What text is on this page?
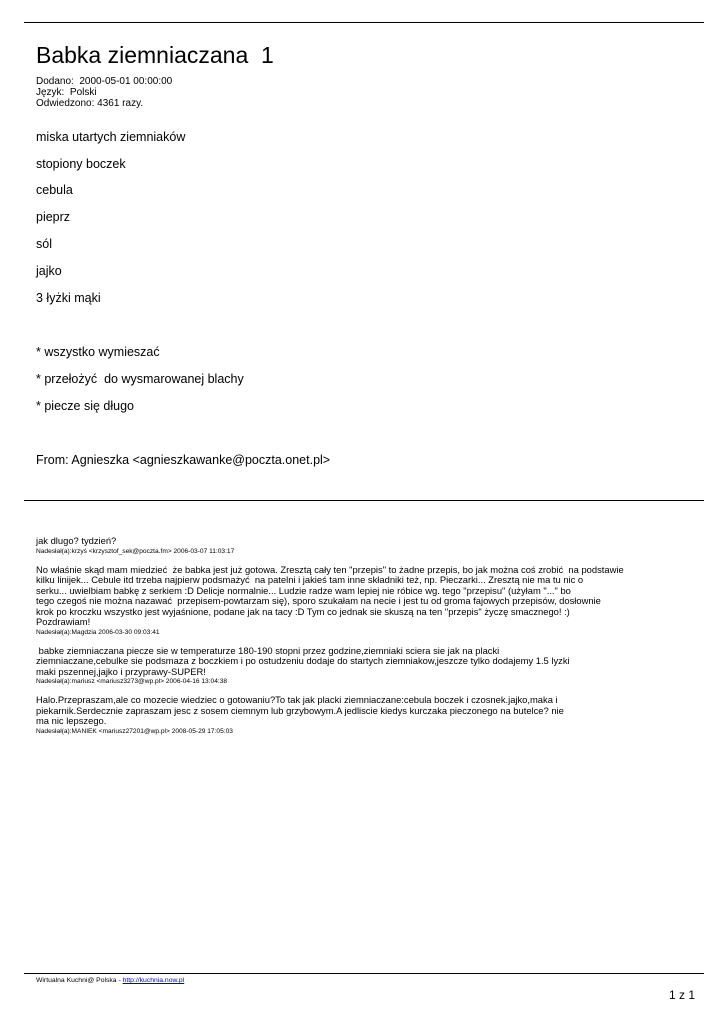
Babka ziemniaczana  1
Dodano:  2000-05-01 00:00:00
Język:  Polski
Odwiedzono: 4361 razy.
miska utartych ziemniaków
stopiony boczek
cebula
pieprz
sól
jajko
3 łyżki mąki
* wszystko wymieszać
* przełożyć  do wysmarowanej blachy
* piecze się długo
From: Agnieszka <agnieszkawanke@poczta.onet.pl>
jak dlugo? tydzień?
Nadesłał(a):krzyś <krzysztof_sek@poczta.fm> 2006-03-07 11:03:17
No właśnie skąd mam miedzieć  że babka jest już gotowa. Zresztą cały ten "przepis" to żadne przepis, bo jak można coś zrobić  na podstawie
kilku linijek... Cebule itd trzeba najpierw podsmażyć  na patelni i jakieś tam inne składniki też, np. Pieczarki... Zresztą nie ma tu nic o
serku... uwielbiam babkę z serkiem :D Delicje normalnie... Ludzie radze wam lepiej nie róbice wg. tego "przepisu" (użyłam "..." bo
tego czegoś nie można nazawać  przepisem-powtarzam się), sporo szukałam na necie i jest tu od groma fajowych przepisów, dosłownie
krok po kroczku wszystko jest wyjaśnione, podane jak na tacy :D Tym co jednak sie skuszą na ten "przepis" życzę smacznego! :)
Pozdrawiam!
Nadesłał(a):Magdzia 2006-03-30 09:03:41
babke ziemniaczana piecze sie w temperaturze 180-190 stopni przez godzine,ziemniaki sciera sie jak na placki
ziemniaczane,cebulke sie podsmaza z boczkiem i po ostudzeniu dodaje do startych ziemniakow,jeszcze tylko dodajemy 1.5 lyzki
maki pszennej,jajko i przyprawy-SUPER!
Nadesłał(a):mariusz <mariusz3273@wp.pl> 2006-04-16 13:04:38
Halo.Przepraszam,ale co mozecie wiedziec o gotowaniu?To tak jak placki ziemniaczane:cebula boczek i czosnek.jajko,maka i
piekarnik.Serdecznie zapraszam jesc z sosem ciemnym lub grzybowym.A jedliscie kiedys kurczaka pieczonego na butelce? nie
ma nic lepszego.
Nadesłał(a):MANIEK <mariusz27201@wp.pl> 2008-05-29 17:05:03
Wirtualna Kuchni@ Polska - http://kuchnia.now.pl	··········
1 z 1
